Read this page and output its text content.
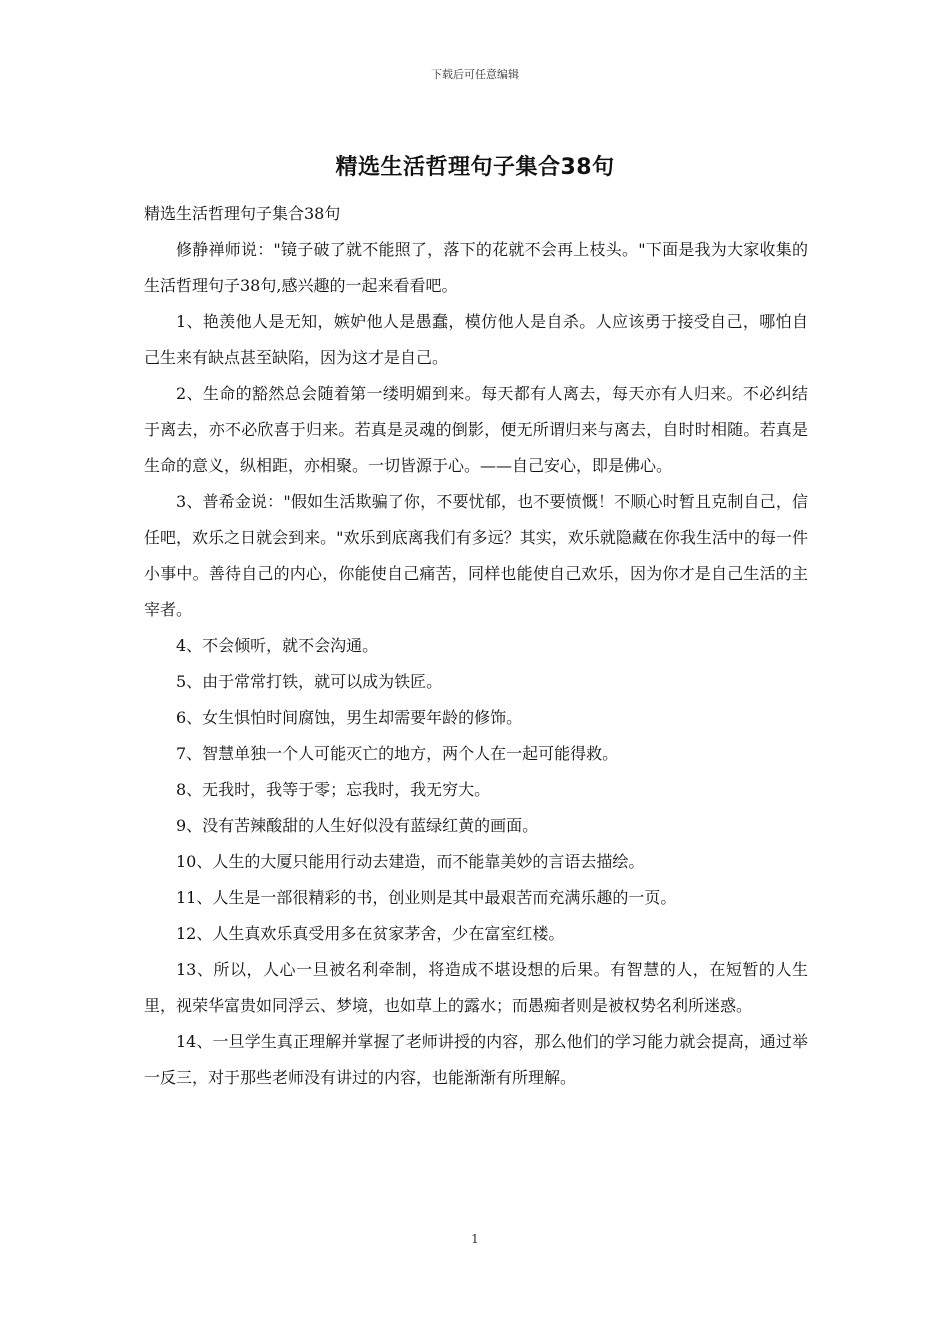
下载后可任意编辑
精选生活哲理句子集合38句

精选生活哲理句子集合38句

修静禅师说："镜子破了就不能照了，落下的花就不会再上枝头。"下面是我为大家收集的生活哲理句子38句,感兴趣的一起来看看吧。

1、艳羡他人是无知，嫉妒他人是愚蠢，模仿他人是自杀。人应该勇于接受自己，哪怕自己生来有缺点甚至缺陷，因为这才是自己。

2、生命的豁然总会随着第一缕明媚到来。每天都有人离去，每天亦有人归来。不必纠结于离去，亦不必欣喜于归来。若真是灵魂的倒影，便无所谓归来与离去，自时时相随。若真是生命的意义，纵相距，亦相聚。一切皆源于心。——自己安心，即是佛心。

3、普希金说："假如生活欺骗了你，不要忧郁，也不要愤慨！不顺心时暂且克制自己，信任吧，欢乐之日就会到来。"欢乐到底离我们有多远？其实，欢乐就隐藏在你我生活中的每一件小事中。善待自己的内心，你能使自己痛苦，同样也能使自己欢乐，因为你才是自己生活的主宰者。

4、不会倾听，就不会沟通。

5、由于常常打铁，就可以成为铁匠。

6、女生惧怕时间腐蚀，男生却需要年龄的修饰。

7、智慧单独一个人可能灭亡的地方，两个人在一起可能得救。

8、无我时，我等于零；忘我时，我无穷大。

9、没有苦辣酸甜的人生好似没有蓝绿红黄的画面。

10、人生的大厦只能用行动去建造，而不能靠美妙的言语去描绘。

11、人生是一部很精彩的书，创业则是其中最艰苦而充满乐趣的一页。

12、人生真欢乐真受用多在贫家茅舍，少在富室红楼。

13、所以，人心一旦被名利牵制，将造成不堪设想的后果。有智慧的人，在短暂的人生里，视荣华富贵如同浮云、梦境，也如草上的露水；而愚痴者则是被权势名利所迷惑。

14、一旦学生真正理解并掌握了老师讲授的内容，那么他们的学习能力就会提高，通过举一反三，对于那些老师没有讲过的内容，也能渐渐有所理解。

1
